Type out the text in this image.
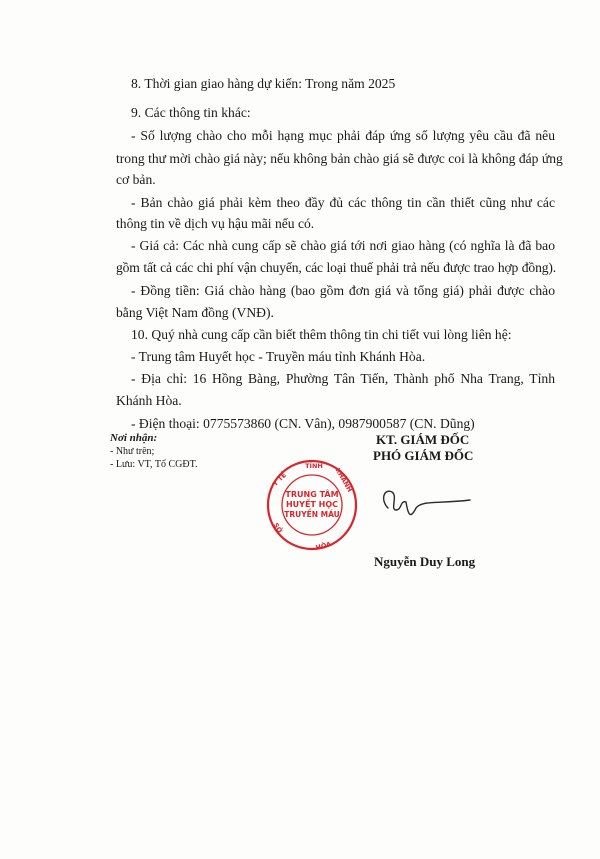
8. Thời gian giao hàng dự kiến: Trong năm 2025

9. Các thông tin khác:

- Số lượng chào cho mỗi hạng mục phải đáp ứng số lượng yêu cầu đã nêu

trong thư mời chào giá này; nếu không bản chào giá sẽ được coi là không đáp ứng

cơ bản.

- Bản chào giá phải kèm theo đầy đủ các thông tin cần thiết cũng như các

thông tin về dịch vụ hậu mãi nếu có.

- Giá cả: Các nhà cung cấp sẽ chào giá tới nơi giao hàng (có nghĩa là đã bao

gồm tất cả các chi phí vận chuyển, các loại thuế phải trả nếu được trao hợp đồng).

- Đồng tiền: Giá chào hàng (bao gồm đơn giá và tổng giá) phải được chào

bằng Việt Nam đồng (VNĐ).

10. Quý nhà cung cấp cần biết thêm thông tin chi tiết vui lòng liên hệ:

- Trung tâm Huyết học - Truyền máu tỉnh Khánh Hòa.

- Địa chỉ: 16 Hồng Bàng, Phường Tân Tiến, Thành phố Nha Trang, Tỉnh

Khánh Hòa.

- Điện thoại: 0775573860 (CN. Vân), 0987900587 (CN. Dũng)

Nơi nhận:
- Như trên;
- Lưu: VT, Tổ CGĐT.
KT. GIÁM ĐỐC
PHÓ GIÁM ĐỐC
TRUNG TÂM
HUYẾT HỌC
TRUYỀN MÁU
TỈNH
Y TẾ	KHÁNH
SỞ
HÒA
Nguyễn Duy Long
